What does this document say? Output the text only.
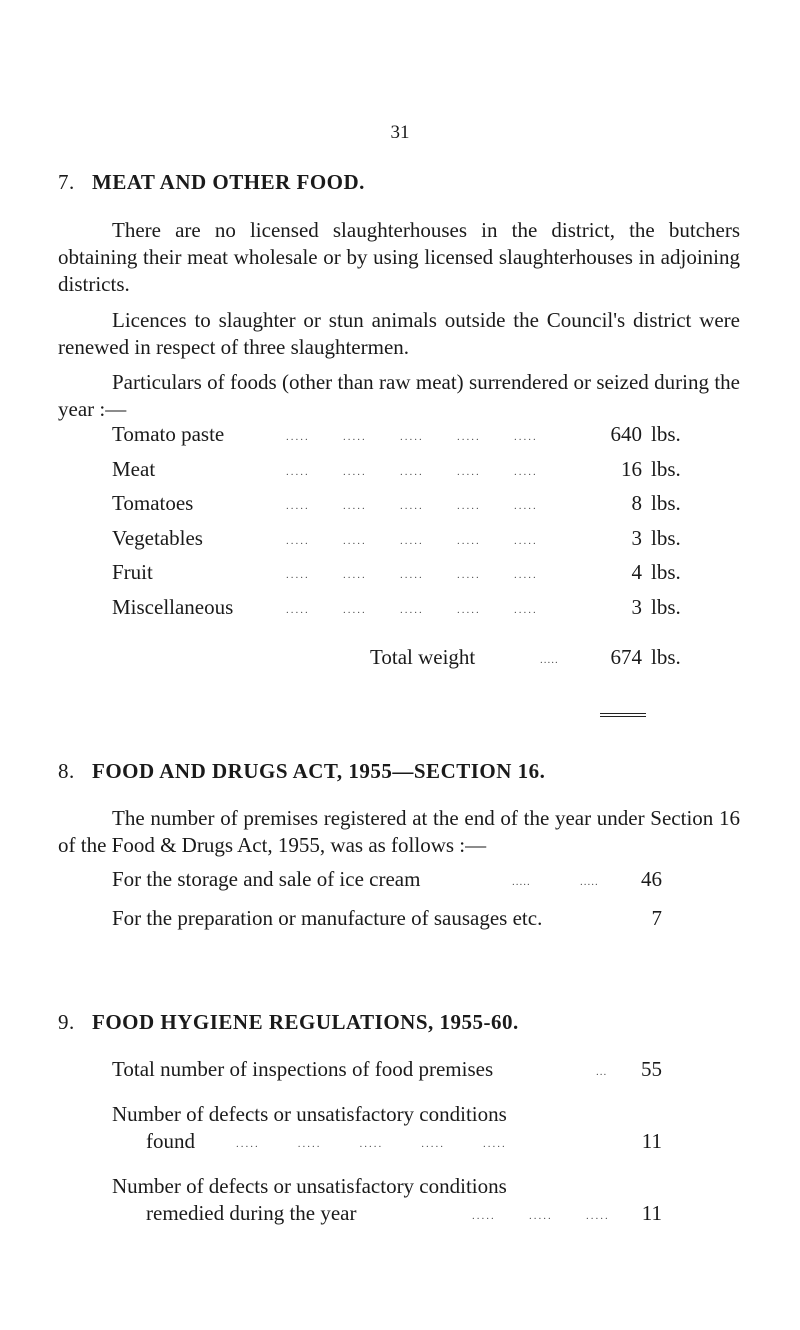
31
7. MEAT AND OTHER FOOD.
There are no licensed slaughterhouses in the district, the butchers obtaining their meat wholesale or by using licensed slaughterhouses in adjoining districts.
Licences to slaughter or stun animals outside the Council's district were renewed in respect of three slaughtermen.
Particulars of foods (other than raw meat) surrendered or seized during the year :—
Tomato paste	.....       .....       .....       .....       .....	640 lbs.
Meat	.....       .....       .....       .....       .....	16 lbs.
Tomatoes	.....       .....       .....       .....       .....	8 lbs.
Vegetables	.....       .....       .....       .....       .....	3 lbs.
Fruit	.....       .....       .....       .....       .....	4 lbs.
Miscellaneous	.....       .....       .....       .....       .....	3 lbs.
Total weight	.....	674 lbs.
8. FOOD AND DRUGS ACT, 1955—SECTION 16.
The number of premises registered at the end of the year under Section 16 of the Food & Drugs Act, 1955, was as follows :—
For the storage and sale of ice cream	.....	.....	46
For the preparation or manufacture of sausages etc.	7
9. FOOD HYGIENE REGULATIONS, 1955-60.
Total number of inspections of food premises	...	55
Number of defects or unsatisfactory conditions
found	.....        .....        .....        .....        .....	11
Number of defects or unsatisfactory conditions
remedied during the year	.....       .....       .....	11
